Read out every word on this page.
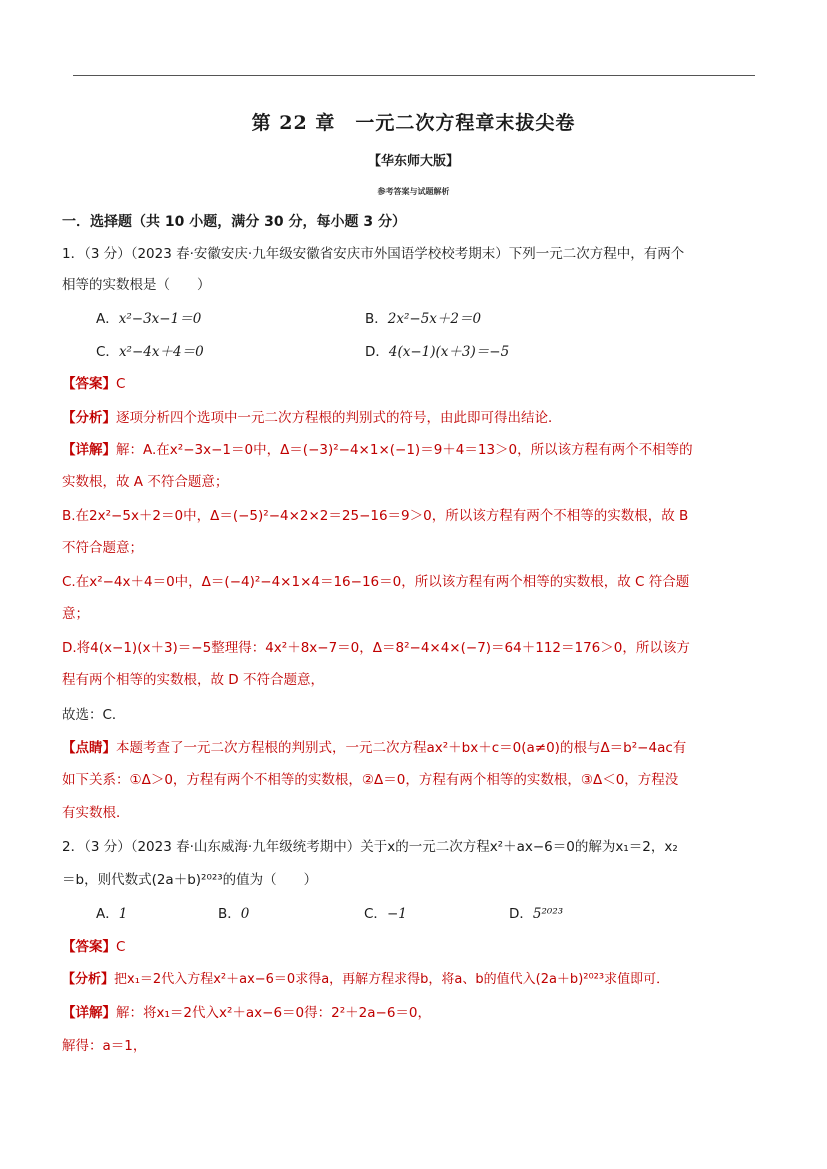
第 22 章　一元二次方程章末拔尖卷
【华东师大版】
参考答案与试题解析
一．选择题（共 10 小题，满分 30 分，每小题 3 分）
1．（3 分）（2023 春·安徽安庆·九年级安徽省安庆市外国语学校校考期末）下列一元二次方程中，有两个
相等的实数根是（　　）
A．x²−3x−1＝0	B．2x²−5x＋2＝0
C．x²−4x＋4＝0	D．4(x−1)(x＋3)＝−5
【答案】C
【分析】逐项分析四个选项中一元二次方程根的判别式的符号，由此即可得出结论．
【详解】解：A.在x²−3x−1＝0中，Δ＝(−3)²−4×1×(−1)＝9＋4＝13＞0，所以该方程有两个不相等的
实数根，故 A 不符合题意；
B.在2x²−5x＋2＝0中，Δ＝(−5)²−4×2×2＝25−16＝9＞0，所以该方程有两个不相等的实数根，故 B
不符合题意；
C.在x²−4x＋4＝0中，Δ＝(−4)²−4×1×4＝16−16＝0，所以该方程有两个相等的实数根，故 C 符合题
意；
D.将4(x−1)(x＋3)＝−5整理得：4x²＋8x−7＝0，Δ＝8²−4×4×(−7)＝64＋112＝176＞0，所以该方
程有两个相等的实数根，故 D 不符合题意，
故选：C．
【点睛】本题考查了一元二次方程根的判别式，一元二次方程ax²＋bx＋c＝0(a≠0)的根与Δ＝b²−4ac有
如下关系：①Δ＞0，方程有两个不相等的实数根，②Δ＝0，方程有两个相等的实数根，③Δ＜0，方程没
有实数根．
2．（3 分）（2023 春·山东威海·九年级统考期中）关于x的一元二次方程x²＋ax−6＝0的解为x₁＝2，x₂
＝b，则代数式(2a＋b)²⁰²³的值为（　　）
A．1	B．0	C．−1	D．5²⁰²³
【答案】C
【分析】把x₁＝2代入方程x²＋ax−6＝0求得a，再解方程求得b，将a、b的值代入(2a＋b)²⁰²³求值即可．
【详解】解：将x₁＝2代入x²＋ax−6＝0得：2²＋2a−6＝0，
解得：a＝1，
